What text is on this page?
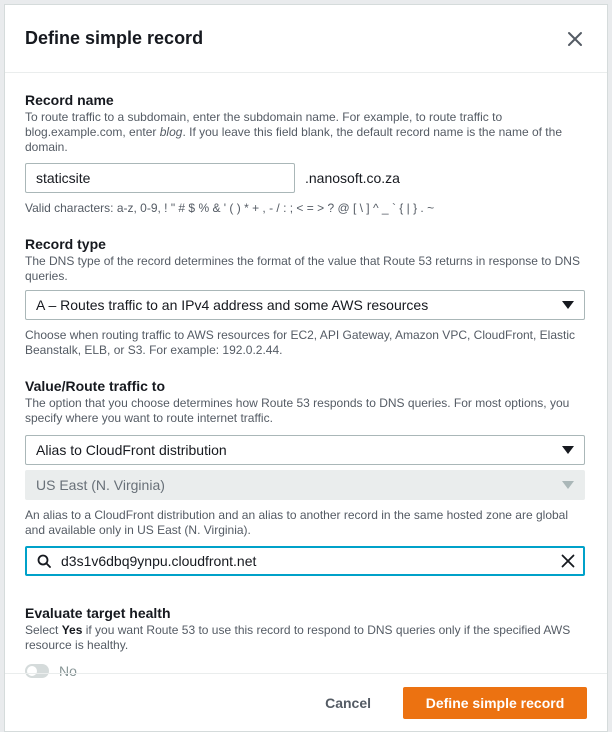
Define simple record
Record name
To route traffic to a subdomain, enter the subdomain name. For example, to route traffic to blog.example.com, enter blog. If you leave this field blank, the default record name is the name of the domain.
staticsite	.nanosoft.co.za
Valid characters: a-z, 0-9, ! " # $ % & ' ( ) * + , - / : ; < = > ? @ [ \ ] ^ _ ` { | } . ~
Record type
The DNS type of the record determines the format of the value that Route 53 returns in response to DNS queries.
A – Routes traffic to an IPv4 address and some AWS resources
Choose when routing traffic to AWS resources for EC2, API Gateway, Amazon VPC, CloudFront, Elastic Beanstalk, ELB, or S3. For example: 192.0.2.44.
Value/Route traffic to
The option that you choose determines how Route 53 responds to DNS queries. For most options, you specify where you want to route internet traffic.
Alias to CloudFront distribution
US East (N. Virginia)
An alias to a CloudFront distribution and an alias to another record in the same hosted zone are global and available only in US East (N. Virginia).
d3s1v6dbq9ynpu.cloudfront.net
Evaluate target health
Select Yes if you want Route 53 to use this record to respond to DNS queries only if the specified AWS resource is healthy.
No
Cancel	Define simple record
